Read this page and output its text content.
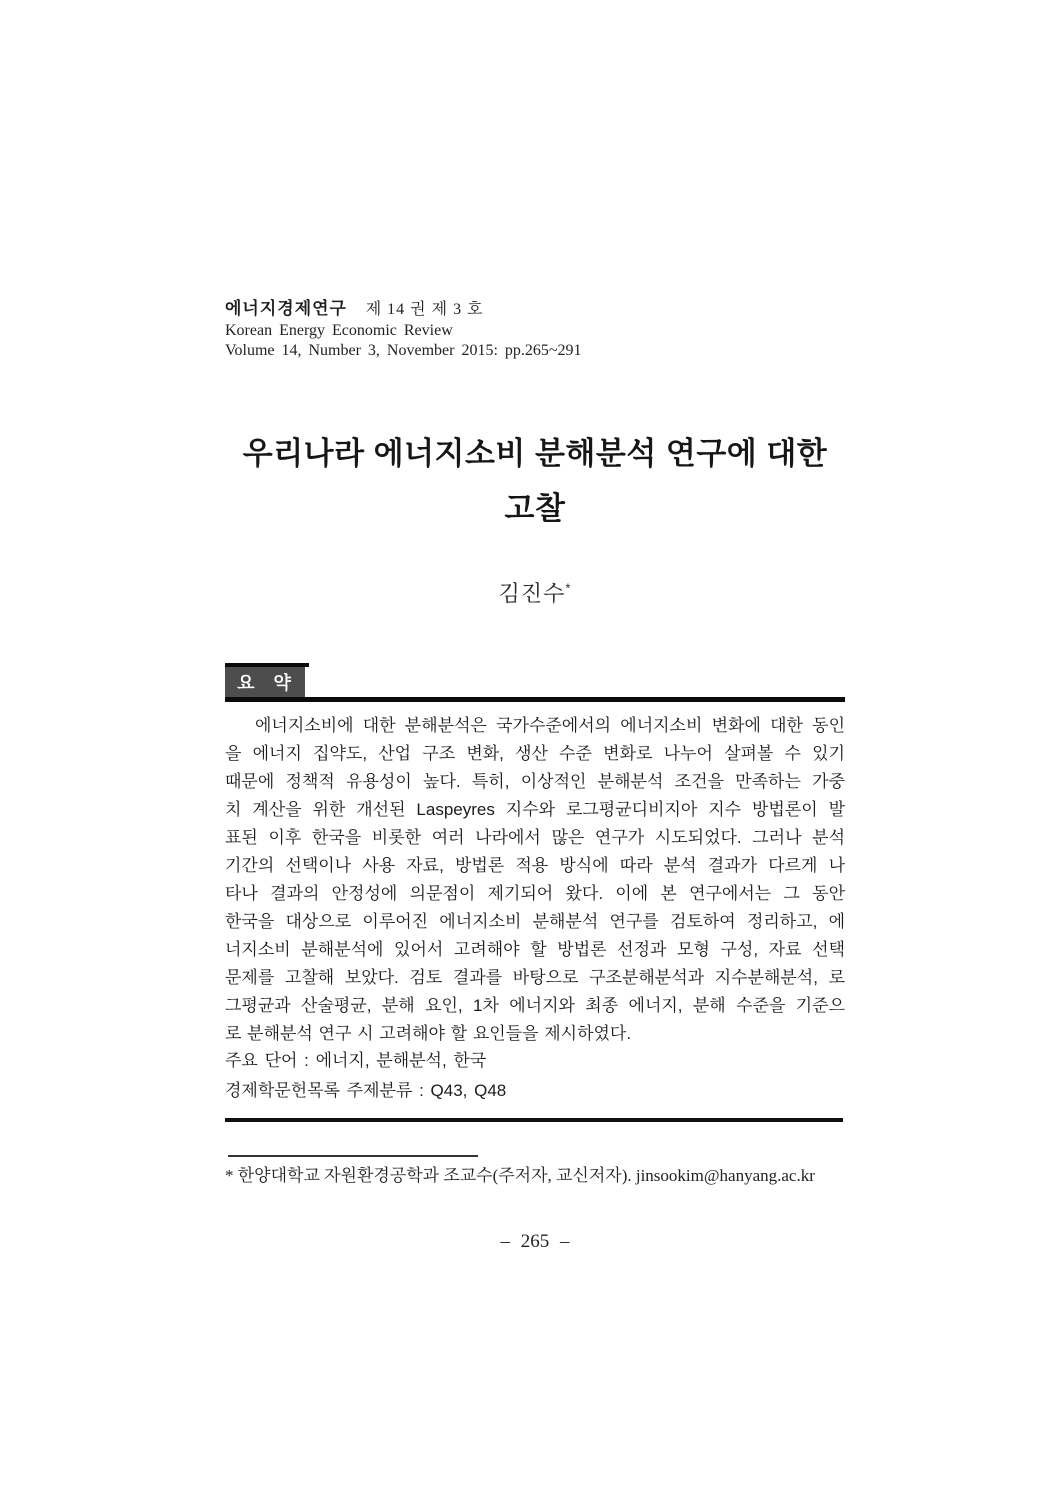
에너지경제연구 제 14 권 제 3 호
Korean Energy Economic Review
Volume 14, Number 3, November 2015: pp.265~291
우리나라 에너지소비 분해분석 연구에 대한
고찰
김진수*
요 약
에너지소비에 대한 분해분석은 국가수준에서의 에너지소비 변화에 대한 동인
을 에너지 집약도, 산업 구조 변화, 생산 수준 변화로 나누어 살펴볼 수 있기
때문에 정책적 유용성이 높다. 특히, 이상적인 분해분석 조건을 만족하는 가중
치 계산을 위한 개선된 Laspeyres 지수와 로그평균디비지아 지수 방법론이 발
표된 이후 한국을 비롯한 여러 나라에서 많은 연구가 시도되었다. 그러나 분석
기간의 선택이나 사용 자료, 방법론 적용 방식에 따라 분석 결과가 다르게 나
타나 결과의 안정성에 의문점이 제기되어 왔다. 이에 본 연구에서는 그 동안
한국을 대상으로 이루어진 에너지소비 분해분석 연구를 검토하여 정리하고, 에
너지소비 분해분석에 있어서 고려해야 할 방법론 선정과 모형 구성, 자료 선택
문제를 고찰해 보았다. 검토 결과를 바탕으로 구조분해분석과 지수분해분석, 로
그평균과 산술평균, 분해 요인, 1차 에너지와 최종 에너지, 분해 수준을 기준으
로 분해분석 연구 시 고려해야 할 요인들을 제시하였다.
주요 단어 : 에너지, 분해분석, 한국
경제학문헌목록 주제분류 : Q43, Q48
* 한양대학교 자원환경공학과 조교수(주저자, 교신저자). jinsookim@hanyang.ac.kr
– 265 –
